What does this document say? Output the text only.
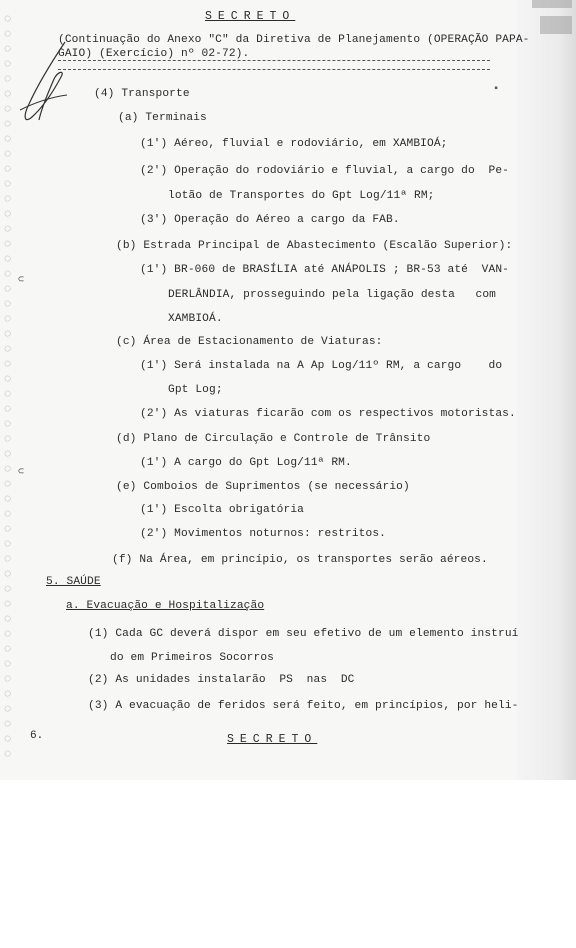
◌
◌
◌
◌
◌
◌
◌
◌
◌
◌
◌
◌
◌
◌
◌
◌
◌
◌
◌
◌
◌
◌
◌
◌
◌
◌
◌
◌
◌
◌
◌
◌
◌
◌
◌
◌
◌
◌
◌
◌
◌
◌
◌
◌
◌
◌
◌
◌
◌
◌
SECRETO
(Continuação do Anexo "C" da Diretiva de Planejamento (OPERAÇÃO PAPA-
GAIO) (Exercício) nº 02-72).
(4) Transporte
(a) Terminais
(1') Aéreo, fluvial e rodoviário, em XAMBIOÁ;
(2') Operação do rodoviário e fluvial, a cargo do  Pe-
lotão de Transportes do Gpt Log/11ª RM;
(3') Operação do Aéreo a cargo da FAB.
(b) Estrada Principal de Abastecimento (Escalão Superior):
(1') BR-060 de BRASÍLIA até ANÁPOLIS ; BR-53 até  VAN-
DERLÂNDIA, prosseguindo pela ligação desta   com
XAMBIOÁ.
(c) Área de Estacionamento de Viaturas:
(1') Será instalada na A Ap Log/11º RM, a cargo    do
Gpt Log;
(2') As viaturas ficarão com os respectivos motoristas.
(d) Plano de Circulação e Controle de Trânsito
(1') A cargo do Gpt Log/11ª RM.
(e) Comboios de Suprimentos (se necessário)
(1') Escolta obrigatória
(2') Movimentos noturnos: restritos.
(f) Na Área, em princípio, os transportes serão aéreos.
5. SAÚDE
a. Evacuação e Hospitalização
(1) Cada GC deverá dispor em seu efetivo de um elemento instruí
do em Primeiros Socorros
(2) As unidades instalarão  PS  nas  DC
(3) A evacuação de feridos será feito, em princípios, por heli-
6.	SECRETO
⊂
⊂
▪
